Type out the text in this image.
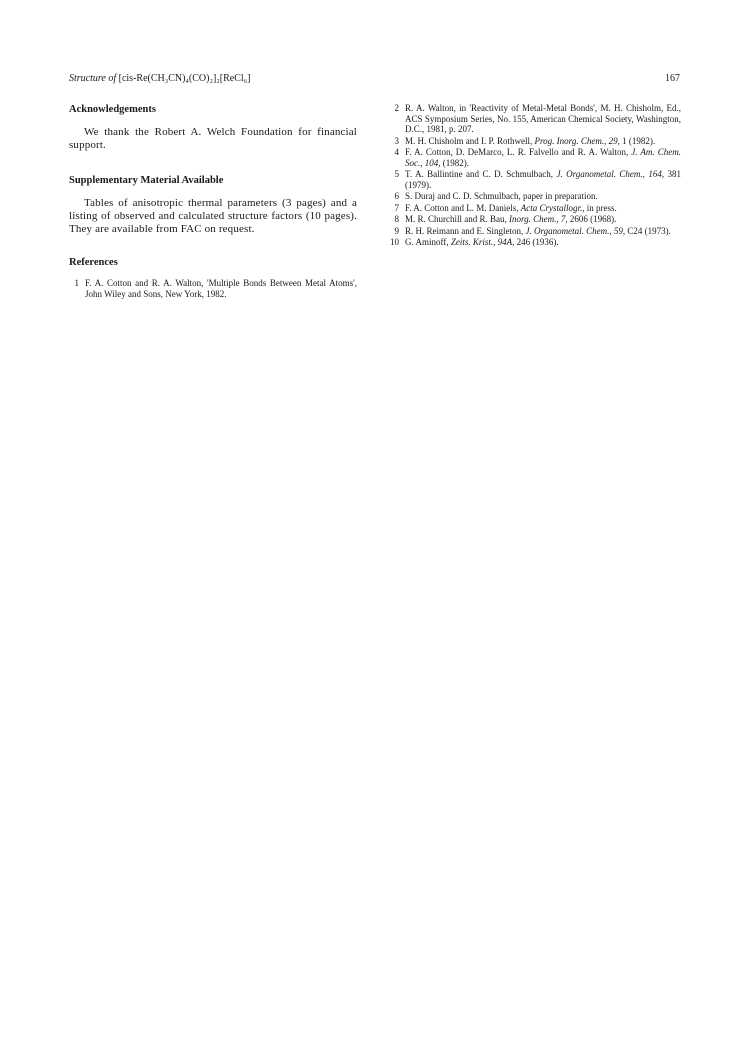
Structure of [cis-Re(CH₃CN)₄(CO)₂]₂[ReCl₆]	167
Acknowledgements

We thank the Robert A. Welch Foundation for financial support.

Supplementary Material Available

Tables of anisotropic thermal parameters (3 pages) and a listing of observed and calculated structure factors (10 pages). They are available from FAC on request.

References
1 F. A. Cotton and R. A. Walton, 'Multiple Bonds Between Metal Atoms', John Wiley and Sons, New York, 1982.
2 R. A. Walton, in 'Reactivity of Metal-Metal Bonds', M. H. Chisholm, Ed., ACS Symposium Series, No. 155, American Chemical Society, Washington, D.C., 1981, p. 207.
3 M. H. Chisholm and I. P. Rothwell, Prog. Inorg. Chem., 29, 1 (1982).
4 F. A. Cotton, D. DeMarco, L. R. Falvello and R. A. Walton, J. Am. Chem. Soc., 104, (1982).
5 T. A. Ballintine and C. D. Schmulbach, J. Organometal. Chem., 164, 381 (1979).
6 S. Duraj and C. D. Schmulbach, paper in preparation.
7 F. A. Cotton and L. M. Daniels, Acta Crystallogr., in press.
8 M. R. Churchill and R. Bau, Inorg. Chem., 7, 2606 (1968).
9 R. H. Reimann and E. Singleton, J. Organometal. Chem., 59, C24 (1973).
10 G. Aminoff, Zeits. Krist., 94A, 246 (1936).
